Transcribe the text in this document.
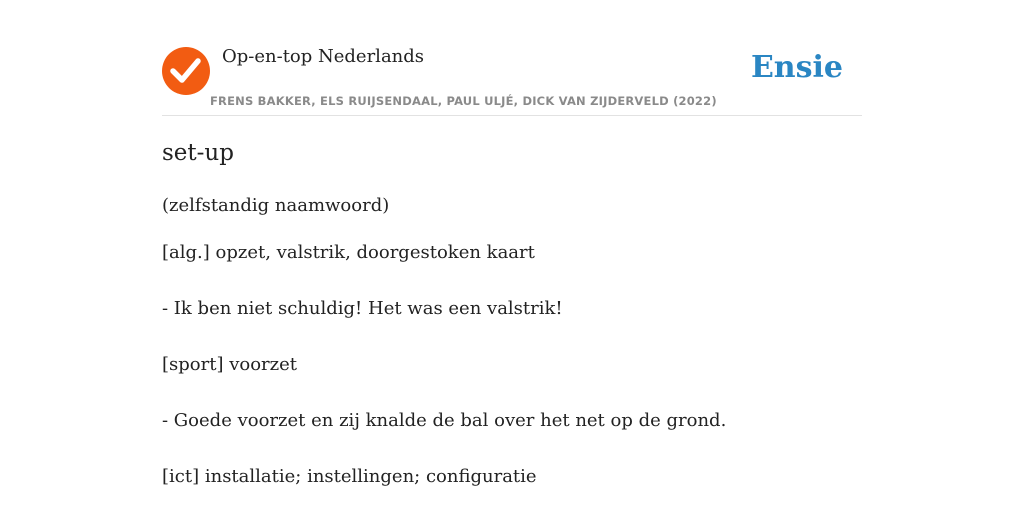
Op-en-top Nederlands
FRENS BAKKER, ELS RUIJSENDAAL, PAUL ULJÉ, DICK VAN ZIJDERVELD (2022)
Ensie
set-up
(zelfstandig naamwoord)
[alg.] opzet, valstrik, doorgestoken kaart
- Ik ben niet schuldig! Het was een valstrik!
[sport] voorzet
- Goede voorzet en zij knalde de bal over het net op de grond.
[ict] installatie; instellingen; configuratie
